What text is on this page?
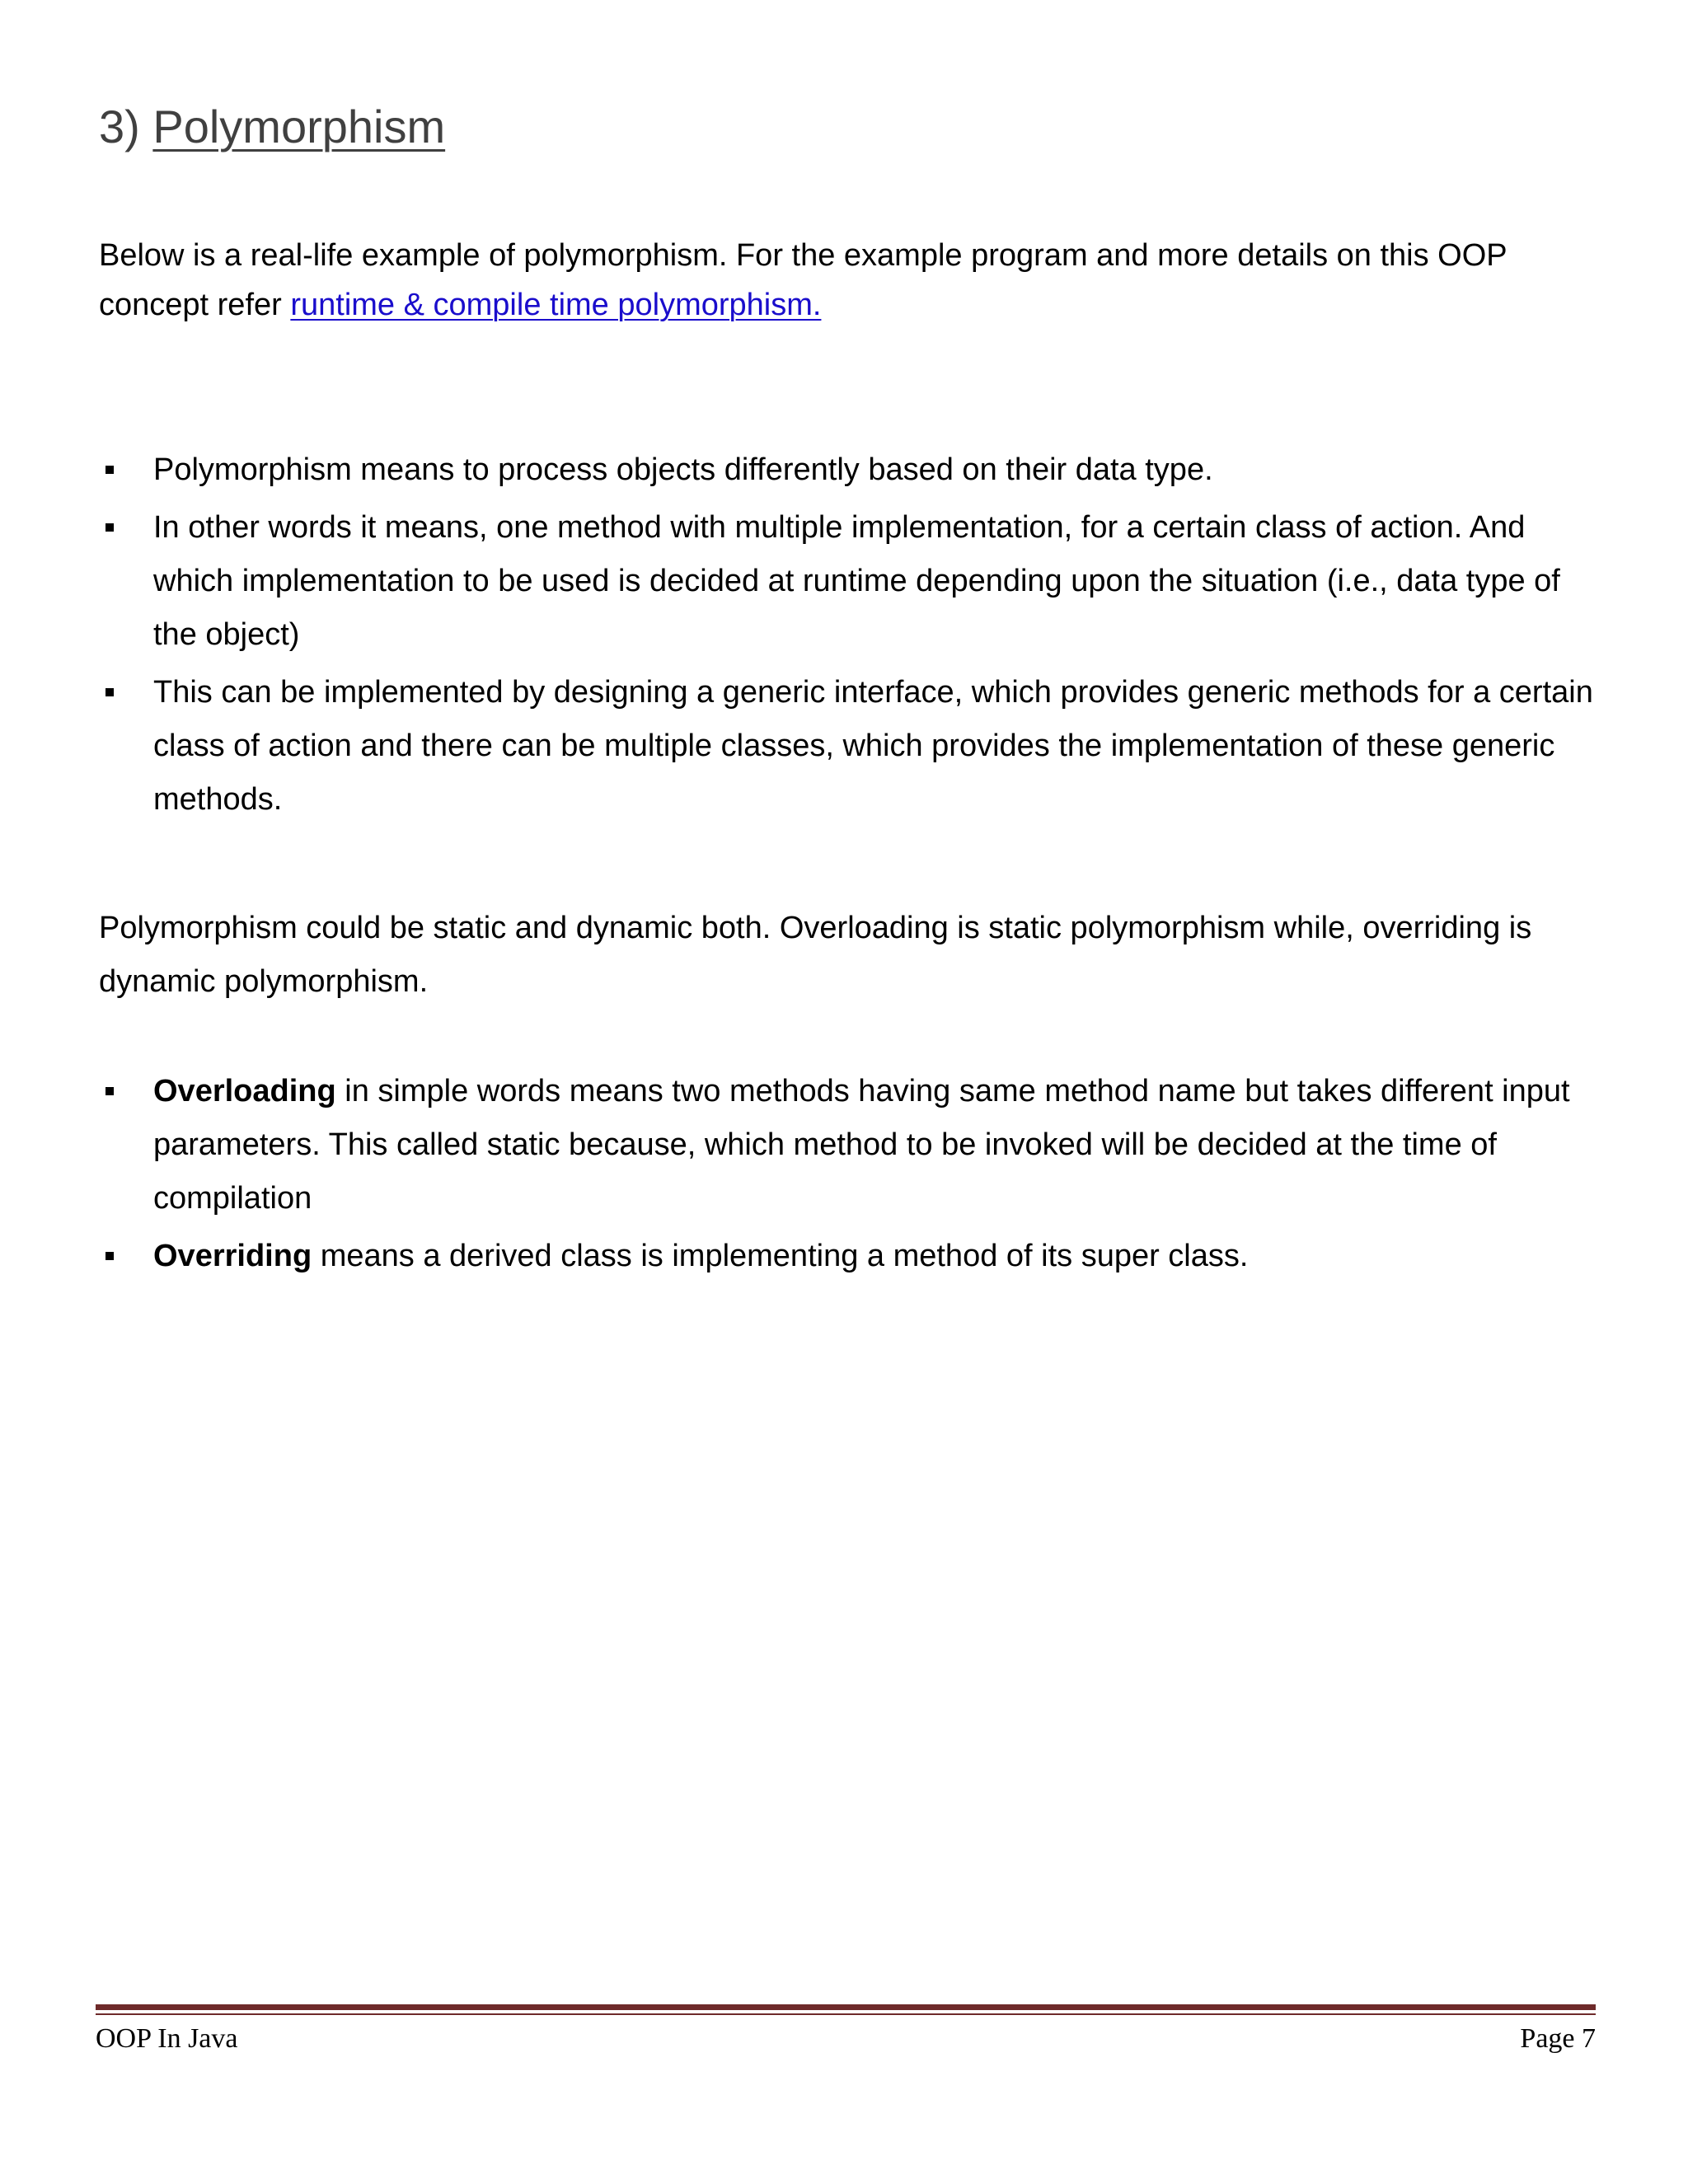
3) Polymorphism
Below is a real-life example of polymorphism. For the example program and more details on this OOP concept refer runtime & compile time polymorphism.
Polymorphism means to process objects differently based on their data type.
In other words it means, one method with multiple implementation, for a certain class of action. And which implementation to be used is decided at runtime depending upon the situation (i.e., data type of the object)
This can be implemented by designing a generic interface, which provides generic methods for a certain class of action and there can be multiple classes, which provides the implementation of these generic methods.
Polymorphism could be static and dynamic both. Overloading is static polymorphism while, overriding is dynamic polymorphism.
Overloading in simple words means two methods having same method name but takes different input parameters. This called static because, which method to be invoked will be decided at the time of compilation
Overriding means a derived class is implementing a method of its super class.
OOP In Java	Page 7
